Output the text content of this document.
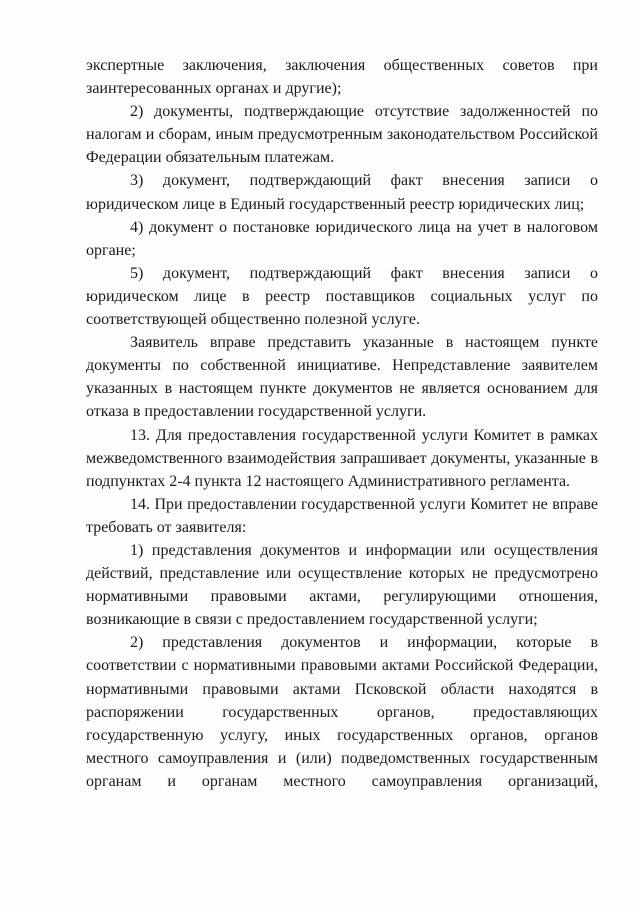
экспертные заключения, заключения общественных советов при заинтересованных органах и другие);

2) документы, подтверждающие отсутствие задолженностей по налогам и сборам, иным предусмотренным законодательством Российской Федерации обязательным платежам.

3) документ, подтверждающий факт внесения записи о юридическом лице в Единый государственный реестр юридических лиц;

4) документ о постановке юридического лица на учет в налоговом органе;

5) документ, подтверждающий факт внесения записи о юридическом лице в реестр поставщиков социальных услуг по соответствующей общественно полезной услуге.

Заявитель вправе представить указанные в настоящем пункте документы по собственной инициативе. Непредставление заявителем указанных в настоящем пункте документов не является основанием для отказа в предоставлении государственной услуги.

13. Для предоставления государственной услуги Комитет в рамках межведомственного взаимодействия запрашивает документы, указанные в подпунктах 2-4 пункта 12 настоящего Административного регламента.

14. При предоставлении государственной услуги Комитет не вправе требовать от заявителя:

1) представления документов и информации или осуществления действий, представление или осуществление которых не предусмотрено нормативными правовыми актами, регулирующими отношения, возникающие в связи с предоставлением государственной услуги;

2) представления документов и информации, которые в соответствии с нормативными правовыми актами Российской Федерации, нормативными правовыми актами Псковской области находятся в распоряжении государственных органов, предоставляющих государственную услугу, иных государственных органов, органов местного самоуправления и (или) подведомственных государственным органам и органам местного самоуправления организаций,
